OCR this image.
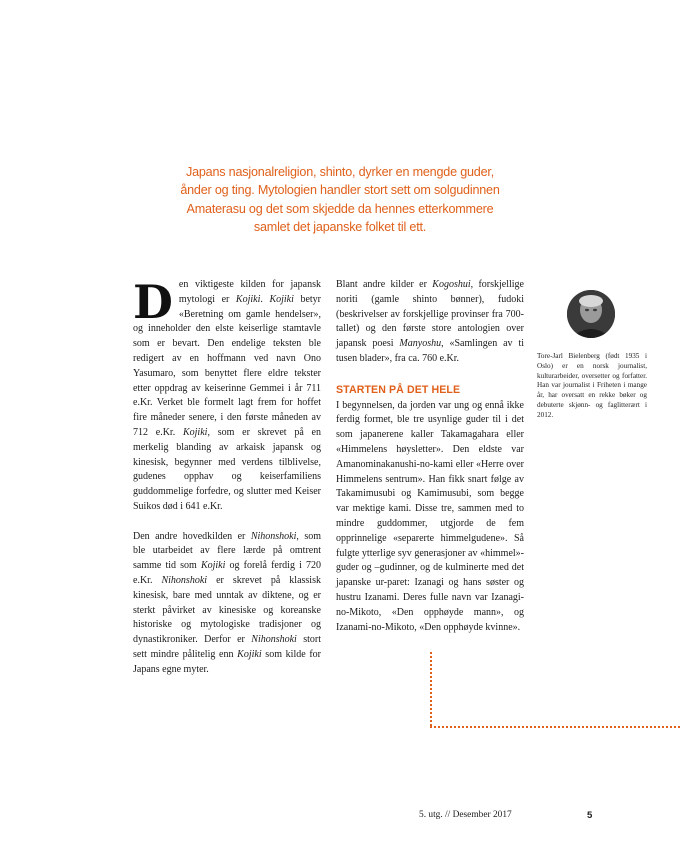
Japans nasjonalreligion, shinto, dyrker en mengde guder, ånder og ting. Mytologien handler stort sett om solgudinnen Amaterasu og det som skjedde da hennes etterkommere samlet det japanske folket til ett.

Den viktigeste kilden for japansk mytologi er Kojiki. Kojiki betyr «Beretning om gamle hendelser», og inneholder den elste keiserlige stamtavle som er bevart. Den endelige teksten ble redigert av en hoffmann ved navn Ono Yasumaro, som benyttet flere eldre tekster etter oppdrag av keiserinne Gemmei i år 711 e.Kr. Verket ble formelt lagt frem for hoffet fire måneder senere, i den første måneden av 712 e.Kr. Kojiki, som er skrevet på en merkelig blanding av arkaisk japansk og kinesisk, begynner med verdens tilblivelse, gudenes opphav og keiserfamiliens guddommelige forfedre, og slutter med Keiser Suikos død i 641 e.Kr.

Den andre hovedkilden er Nihonshoki, som ble utarbeidet av flere lærde på omtrent samme tid som Kojiki og forelå ferdig i 720 e.Kr. Nihonshoki er skrevet på klassisk kinesisk, bare med unntak av diktene, og er sterkt påvirket av kinesiske og koreanske historiske og mytologiske tradisjoner og dynastikroniker. Derfor er Nihonshoki stort sett mindre pålitelig enn Kojiki som kilde for Japans egne myter.

Blant andre kilder er Kogoshui, forskjellige noriti (gamle shinto bønner), fudoki (beskrivelser av forskjellige provinser fra 700-tallet) og den første store antologien over japansk poesi Manyoshu, «Samlingen av ti tusen blader», fra ca. 760 e.Kr.

STARTEN PÅ DET HELE

I begynnelsen, da jorden var ung og ennå ikke ferdig formet, ble tre usynlige guder til i det som japanerene kaller Takamagahara eller «Himmelens høysletter». Den eldste var Amanominakanushi-no-kami eller «Herre over Himmelens sentrum». Han fikk snart følge av Takamimusubi og Kamimusubi, som begge var mektige kami. Disse tre, sammen med to mindre guddommer, utgjorde de fem opprinnelige «separerte himmelgudene». Så fulgte ytterlige syv generasjoner av «himmel»-guder og –gudinner, og de kulminerte med det japanske ur-paret: Izanagi og hans søster og hustru Izanami. Deres fulle navn var Izanagi-no-Mikoto, «Den opphøyde mann», og Izanami-no-Mikoto, «Den opphøyde kvinne».

Tore-Jarl Bielenberg (født 1935 i Oslo) er en norsk journalist, kulturarbeider, oversetter og forfatter. Han var journalist i Friheten i mange år, har oversatt en rekke bøker og debuterte skjønn- og faglitterært i 2012.
5. utg. // Desember 2017	5
